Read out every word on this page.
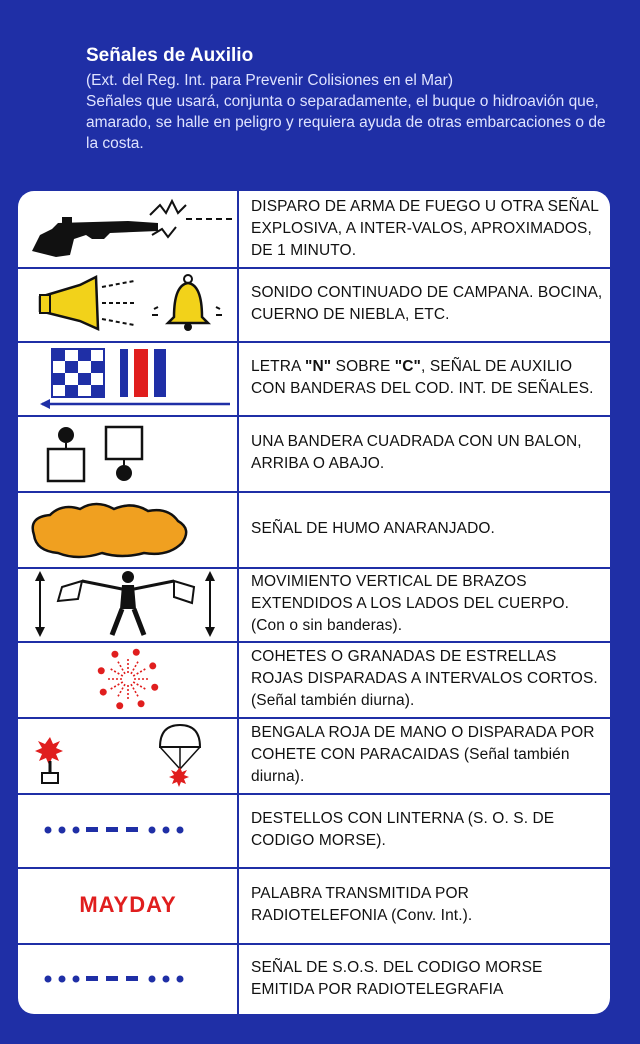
Señales de Auxilio

(Ext. del Reg. Int. para Prevenir Colisiones en el Mar)

Señales que usará, conjunta o separadamente, el buque o hidroavión que, amarado, se halle en peligro y requiera ayuda de otras embarcaciones o de la costa.

DISPARO DE ARMA DE FUEGO U OTRA SEÑAL EXPLOSIVA, A INTER-VALOS, APROXIMADOS, DE 1 MINUTO.
SONIDO CONTINUADO DE CAMPANA. BOCINA, CUERNO DE NIEBLA, ETC.
LETRA "N" SOBRE "C", SEÑAL DE AUXILIO CON BANDERAS DEL COD. INT. DE SEÑALES.
UNA BANDERA CUADRADA CON UN BALON, ARRIBA O ABAJO.
SEÑAL DE HUMO ANARANJADO.
MOVIMIENTO VERTICAL DE BRAZOS EXTENDIDOS A LOS LADOS DEL CUERPO. (Con o sin banderas).
COHETES O GRANADAS DE ESTRELLAS ROJAS DISPARADAS A INTERVALOS CORTOS. (Señal también diurna).
BENGALA ROJA DE MANO O DISPARADA POR COHETE CON PARACAIDAS (Señal también diurna).
DESTELLOS CON LINTERNA (S. O. S. DE CODIGO MORSE).
MAYDAY	PALABRA TRANSMITIDA POR RADIOTELEFONIA (Conv. Int.).
SEÑAL DE S.O.S. DEL CODIGO MORSE EMITIDA POR RADIOTELEGRAFIA
